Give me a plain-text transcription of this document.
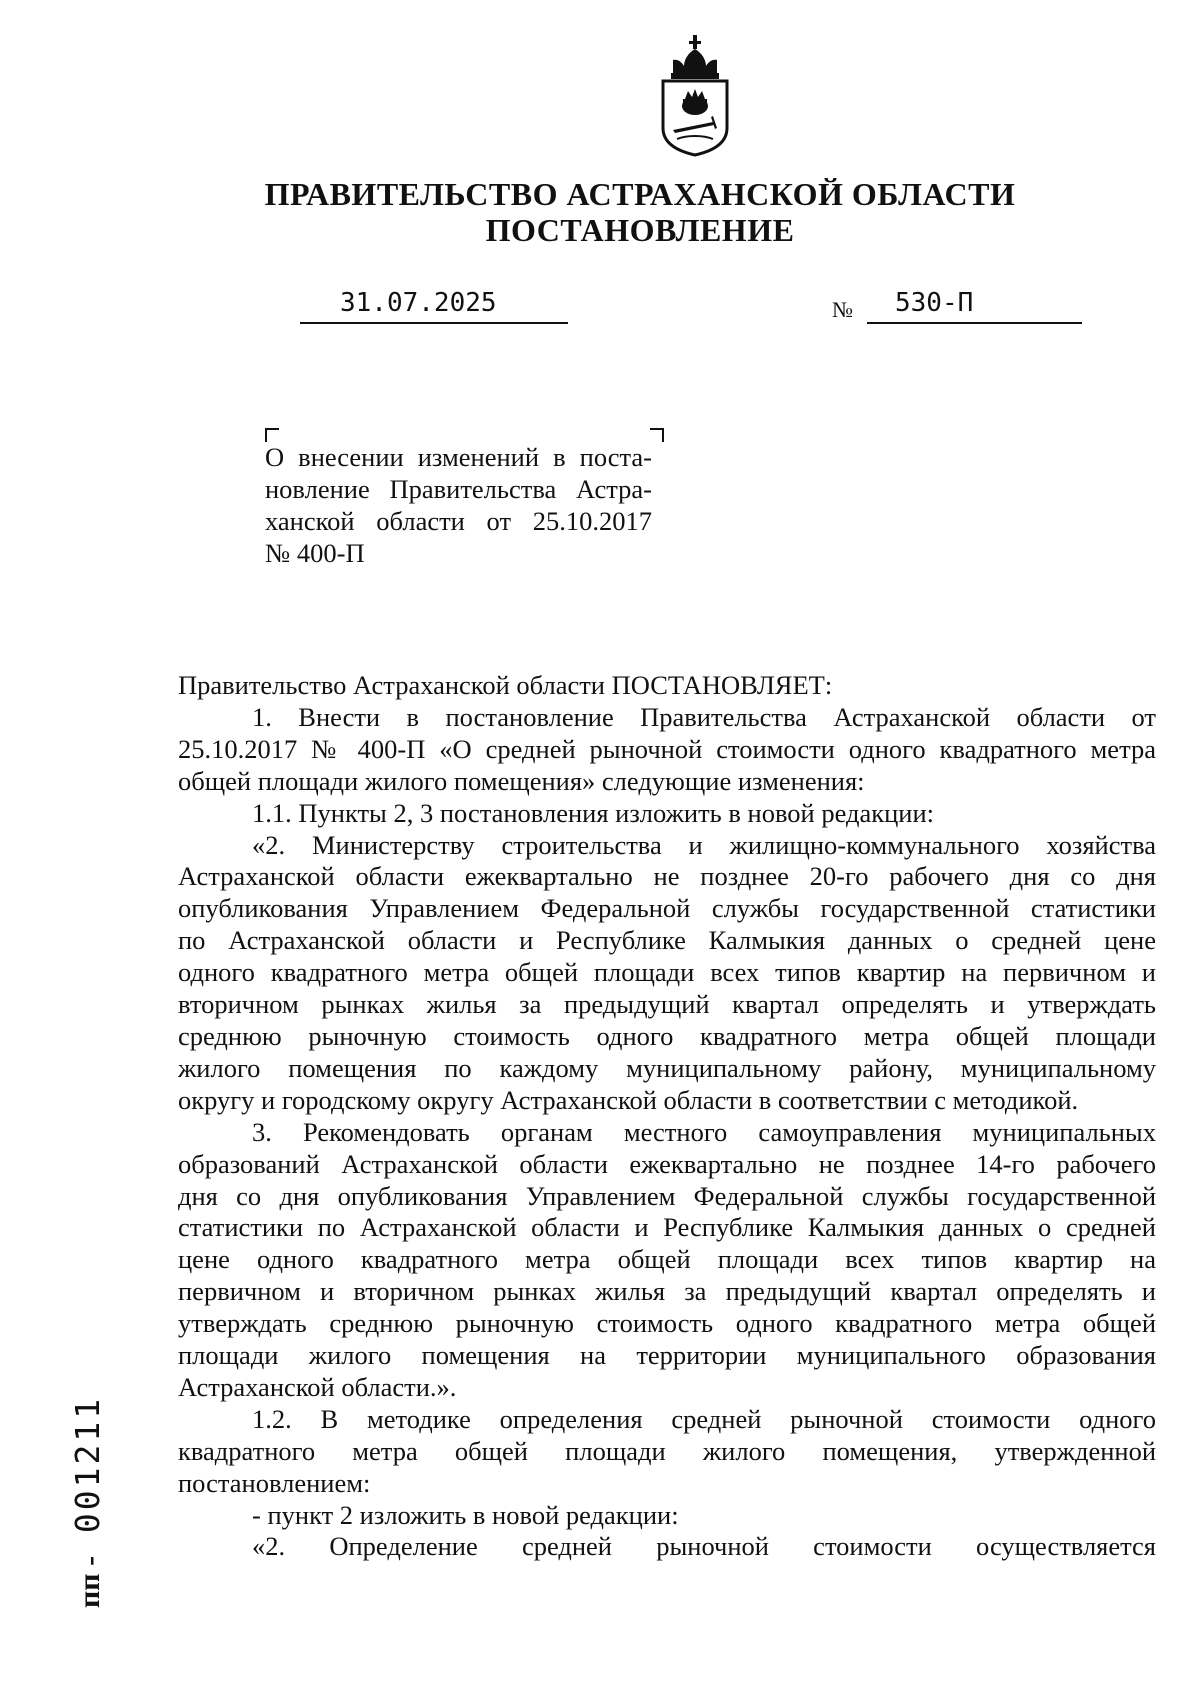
ПРАВИТЕЛЬСТВО АСТРАХАНСКОЙ ОБЛАСТИ
ПОСТАНОВЛЕНИЕ
31.07.2025	№ 530-П
О внесении изменений в поста-
новление Правительства Астра-
ханской области от 25.10.2017
№ 400-П
Правительство Астраханской области ПОСТАНОВЛЯЕТ:
1. Внести в постановление Правительства Астраханской области от
25.10.2017 № 400-П «О средней рыночной стоимости одного квадратного метра
общей площади жилого помещения» следующие изменения:
1.1. Пункты 2, 3 постановления изложить в новой редакции:
«2. Министерству строительства и жилищно-коммунального хозяйства
Астраханской области ежеквартально не позднее 20-го рабочего дня со дня
опубликования Управлением Федеральной службы государственной статистики
по Астраханской области и Республике Калмыкия данных о средней цене
одного квадратного метра общей площади всех типов квартир на первичном и
вторичном рынках жилья за предыдущий квартал определять и утверждать
среднюю рыночную стоимость одного квадратного метра общей площади
жилого помещения по каждому муниципальному району, муниципальному
округу и городскому округу Астраханской области в соответствии с методикой.
3. Рекомендовать органам местного самоуправления муниципальных
образований Астраханской области ежеквартально не позднее 14-го рабочего
дня со дня опубликования Управлением Федеральной службы государственной
статистики по Астраханской области и Республике Калмыкия данных о средней
цене одного квадратного метра общей площади всех типов квартир на
первичном и вторичном рынках жилья за предыдущий квартал определять и
утверждать среднюю рыночную стоимость одного квадратного метра общей
площади жилого помещения на территории муниципального образования
Астраханской области.».
1.2. В методике определения средней рыночной стоимости одного
квадратного метра общей площади жилого помещения, утвержденной
постановлением:
- пункт 2 изложить в новой редакции:
«2. Определение средней рыночной стоимости осуществляется
пп - 001211
